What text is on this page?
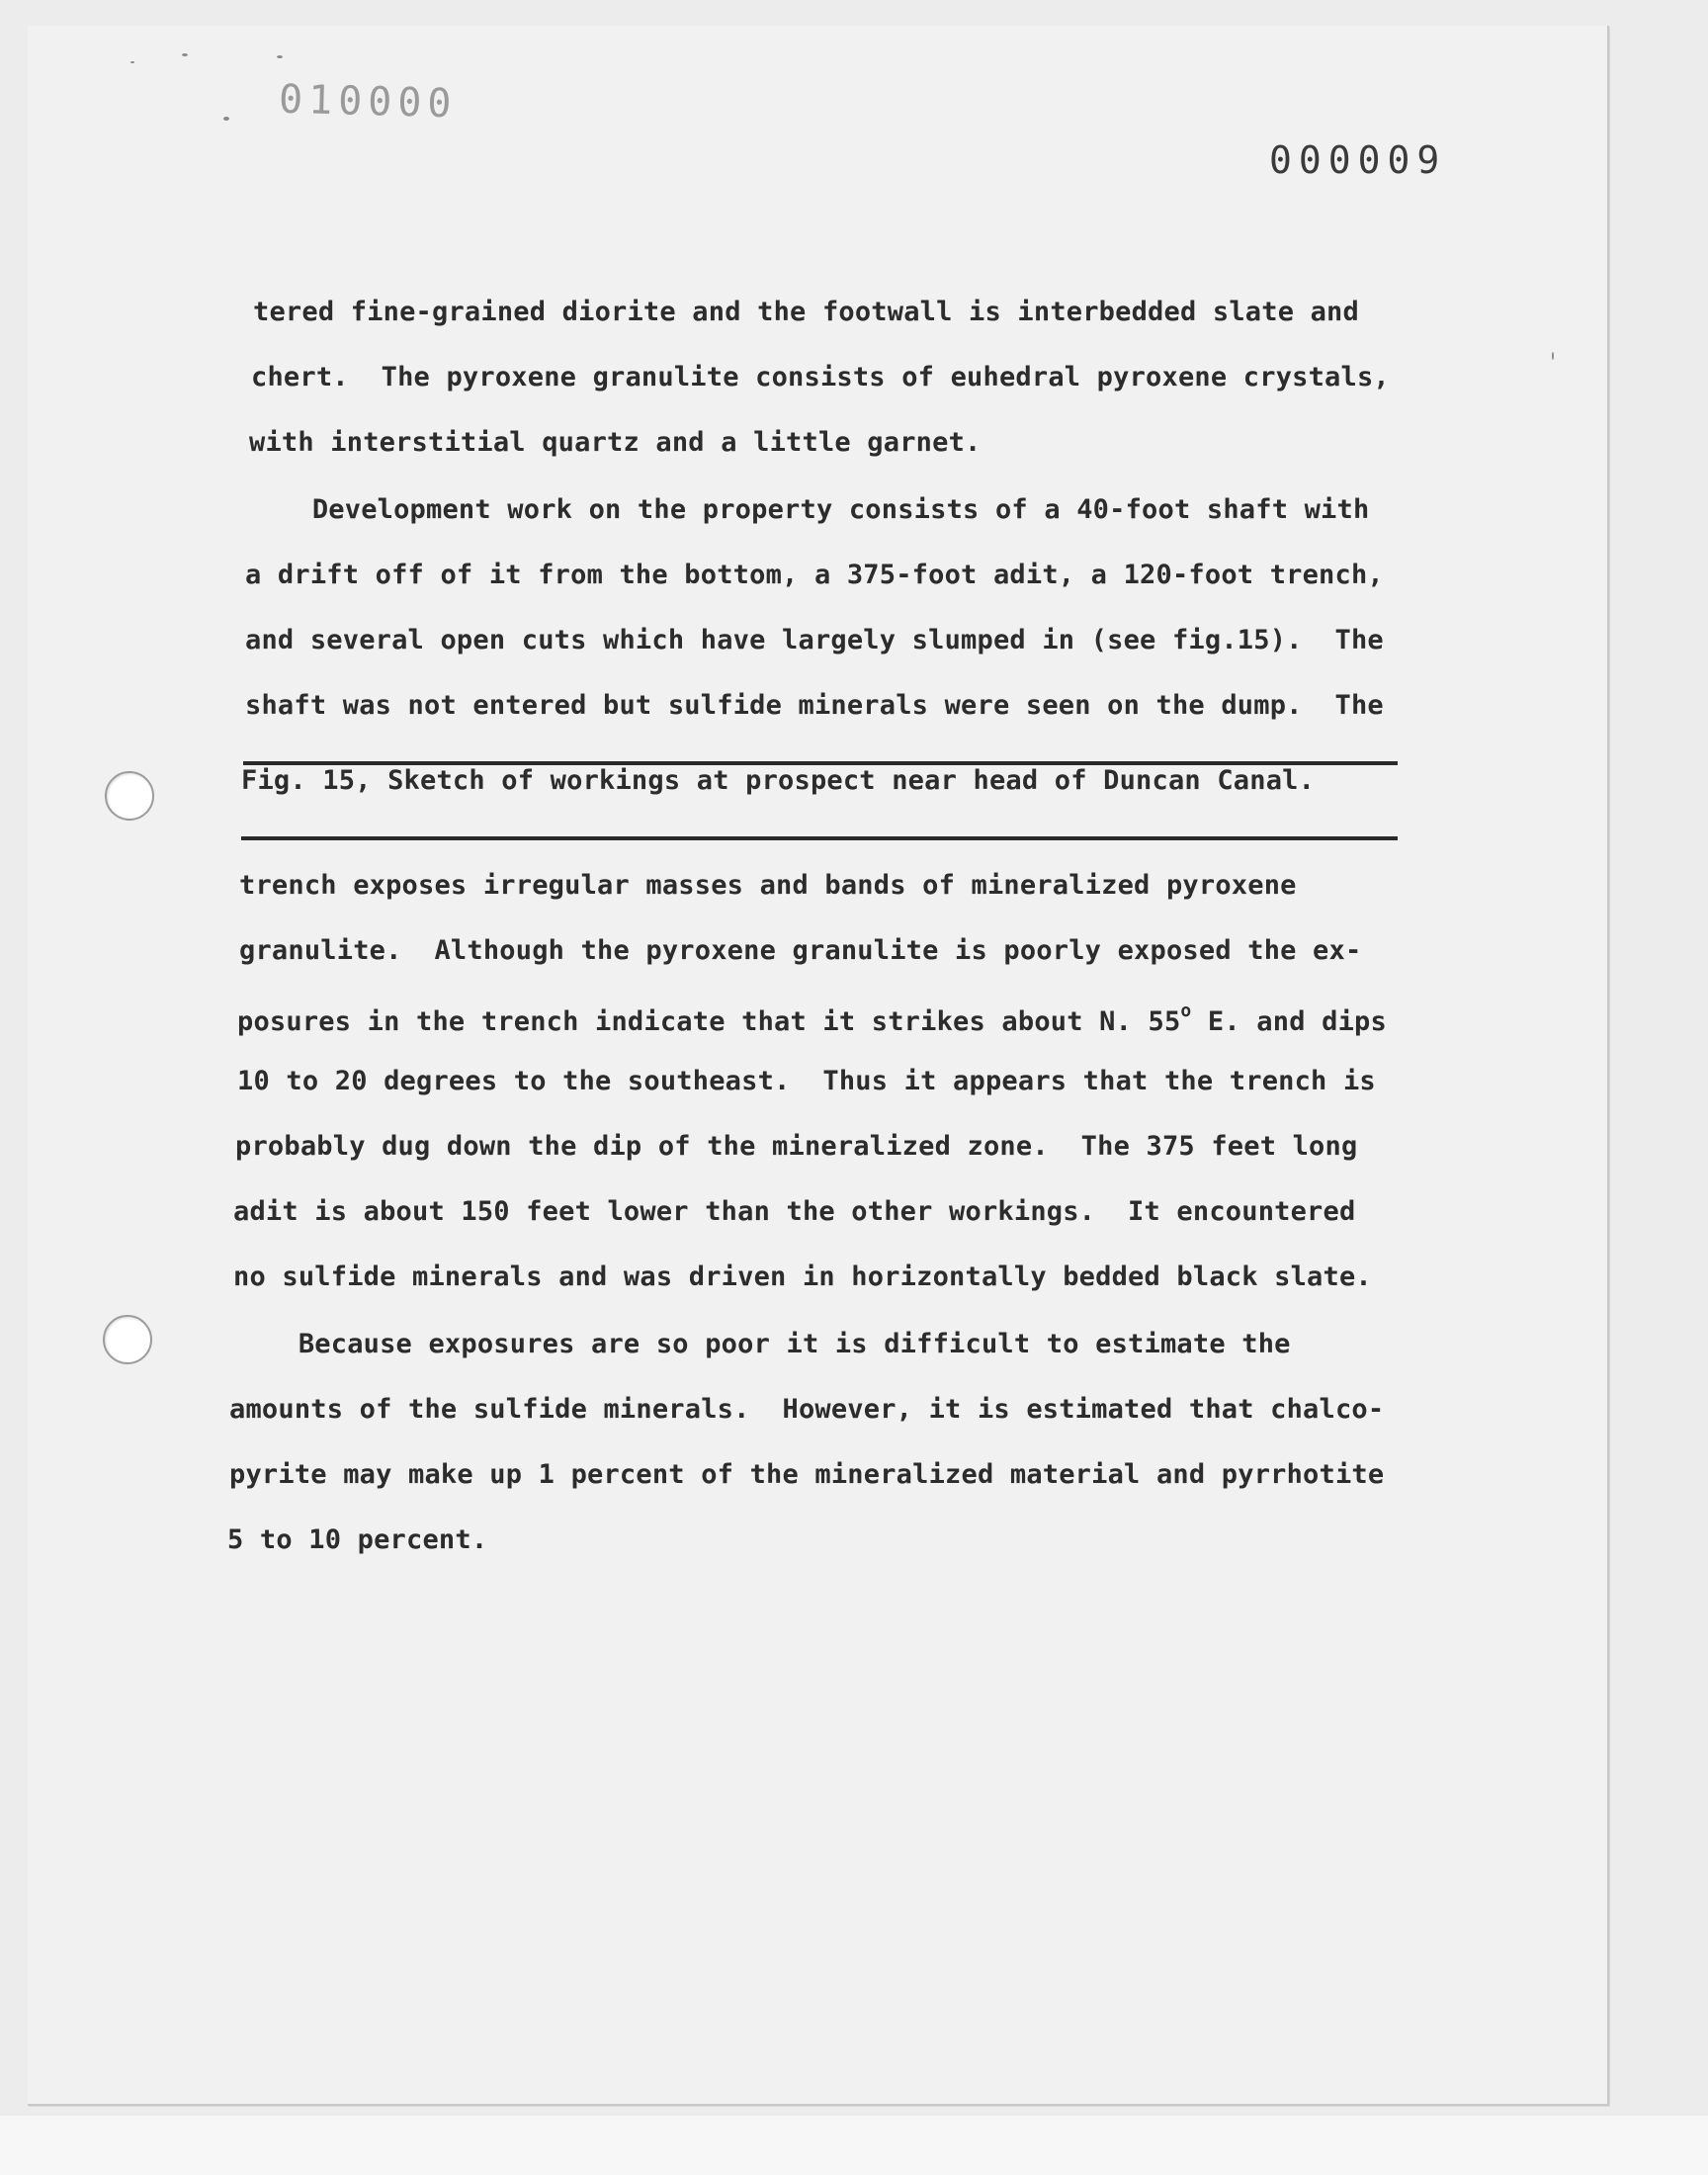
010000
000009
tered fine-grained diorite and the footwall is interbedded slate and
chert.  The pyroxene granulite consists of euhedral pyroxene crystals,
with interstitial quartz and a little garnet.
Development work on the property consists of a 40-foot shaft with
a drift off of it from the bottom, a 375-foot adit, a 120-foot trench,
and several open cuts which have largely slumped in (see fig.15).  The
shaft was not entered but sulfide minerals were seen on the dump.  The
Fig. 15, Sketch of workings at prospect near head of Duncan Canal.
trench exposes irregular masses and bands of mineralized pyroxene
granulite.  Although the pyroxene granulite is poorly exposed the ex-
posures in the trench indicate that it strikes about N. 55$^o$ E. and dips
10 to 20 degrees to the southeast.  Thus it appears that the trench is
probably dug down the dip of the mineralized zone.  The 375 feet long
adit is about 150 feet lower than the other workings.  It encountered
no sulfide minerals and was driven in horizontally bedded black slate.
Because exposures are so poor it is difficult to estimate the
amounts of the sulfide minerals.  However, it is estimated that chalco-
pyrite may make up 1 percent of the mineralized material and pyrrhotite
5 to 10 percent.
